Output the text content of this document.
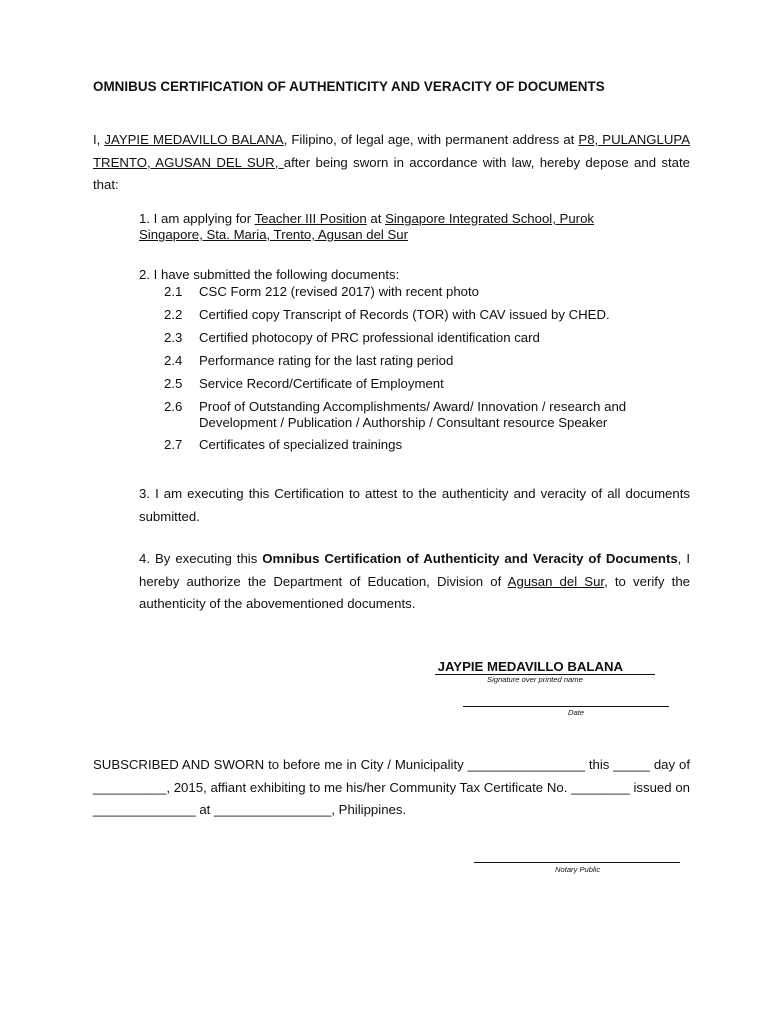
OMNIBUS CERTIFICATION OF AUTHENTICITY AND VERACITY OF DOCUMENTS
I, JAYPIE MEDAVILLO BALANA, Filipino, of legal age, with permanent address at P8, PULANGLUPA TRENTO, AGUSAN DEL SUR, after being sworn in accordance with law, hereby depose and state that:
1. I am applying for Teacher III Position at Singapore Integrated School, Purok Singapore, Sta. Maria, Trento, Agusan del Sur
2. I have submitted the following documents:
2.1	CSC Form 212 (revised 2017) with recent photo
2.2	Certified copy Transcript of Records (TOR) with CAV issued by CHED.
2.3	Certified photocopy of PRC professional identification card
2.4	Performance rating for the last rating period
2.5	Service Record/Certificate of Employment
2.6	Proof of Outstanding Accomplishments/ Award/ Innovation / research and Development / Publication / Authorship / Consultant resource Speaker
2.7	Certificates of specialized trainings
3. I am executing this Certification to attest to the authenticity and veracity of all documents submitted.
4. By executing this Omnibus Certification of Authenticity and Veracity of Documents, I hereby authorize the Department of Education, Division of Agusan del Sur, to verify the authenticity of the abovementioned documents.
 JAYPIE MEDAVILLO BALANA            
Signature over printed name
Date
SUBSCRIBED AND SWORN to before me in City / Municipality ________________ this _____ day of __________, 2015, affiant exhibiting to me his/her Community Tax Certificate No. ________ issued on ______________ at ________________, Philippines.
Notary Public
